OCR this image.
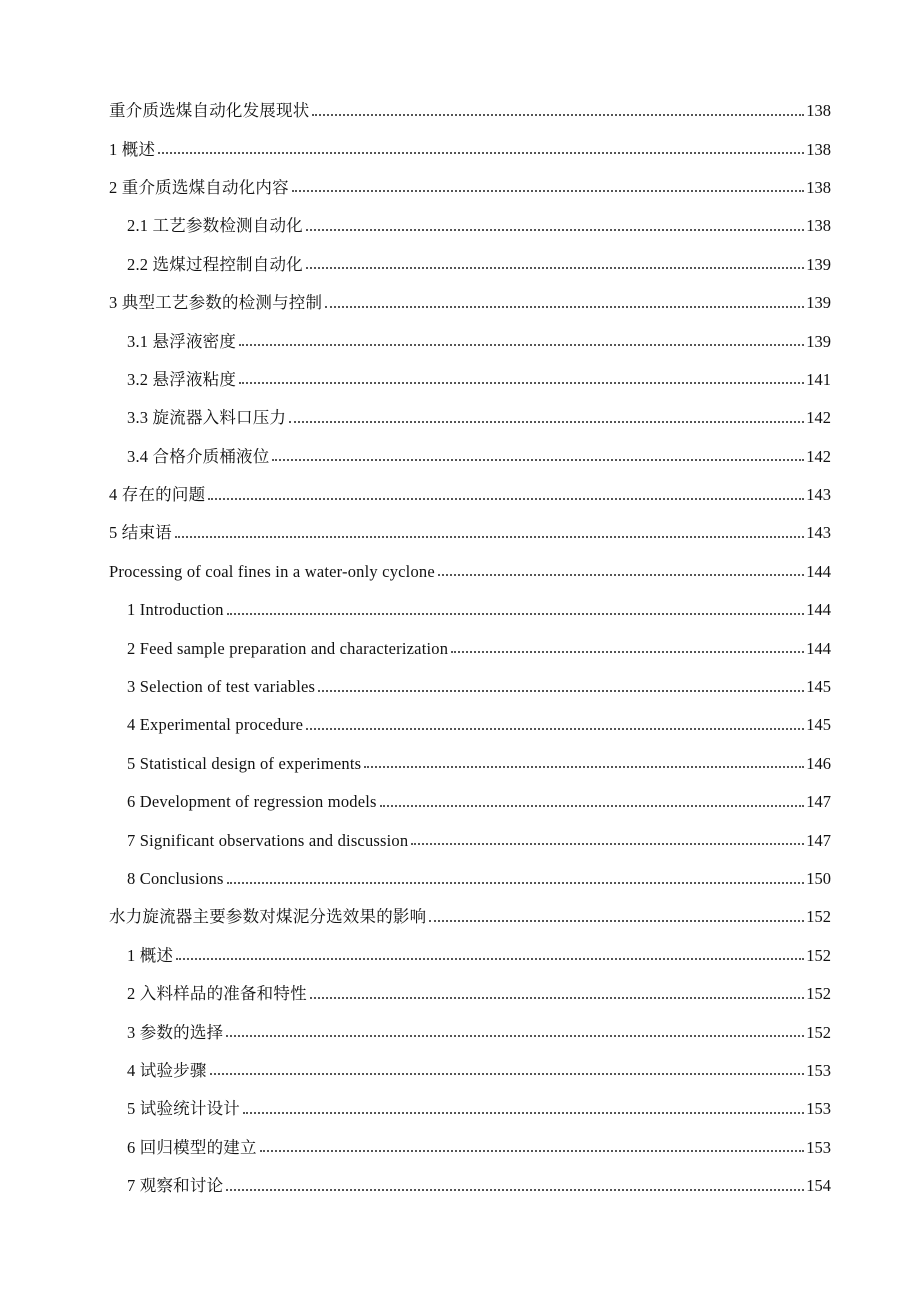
重介质选煤自动化发展现状	138
1 概述	138
2 重介质选煤自动化内容	138
2.1 工艺参数检测自动化	138
2.2 选煤过程控制自动化	139
3 典型工艺参数的检测与控制	139
3.1 悬浮液密度	139
3.2 悬浮液粘度	141
3.3 旋流器入料口压力	142
3.4 合格介质桶液位	142
4 存在的问题	143
5 结束语	143
Processing of coal fines in a water-only cyclone	144
1 Introduction	144
2 Feed sample preparation and characterization	144
3 Selection of test variables	145
4 Experimental procedure	145
5 Statistical design of experiments	146
6 Development of regression models	147
7 Significant observations and discussion	147
8 Conclusions	150
水力旋流器主要参数对煤泥分选效果的影响	152
1 概述	152
2 入料样品的准备和特性	152
3 参数的选择	152
4 试验步骤	153
5 试验统计设计	153
6 回归模型的建立	153
7 观察和讨论	154
